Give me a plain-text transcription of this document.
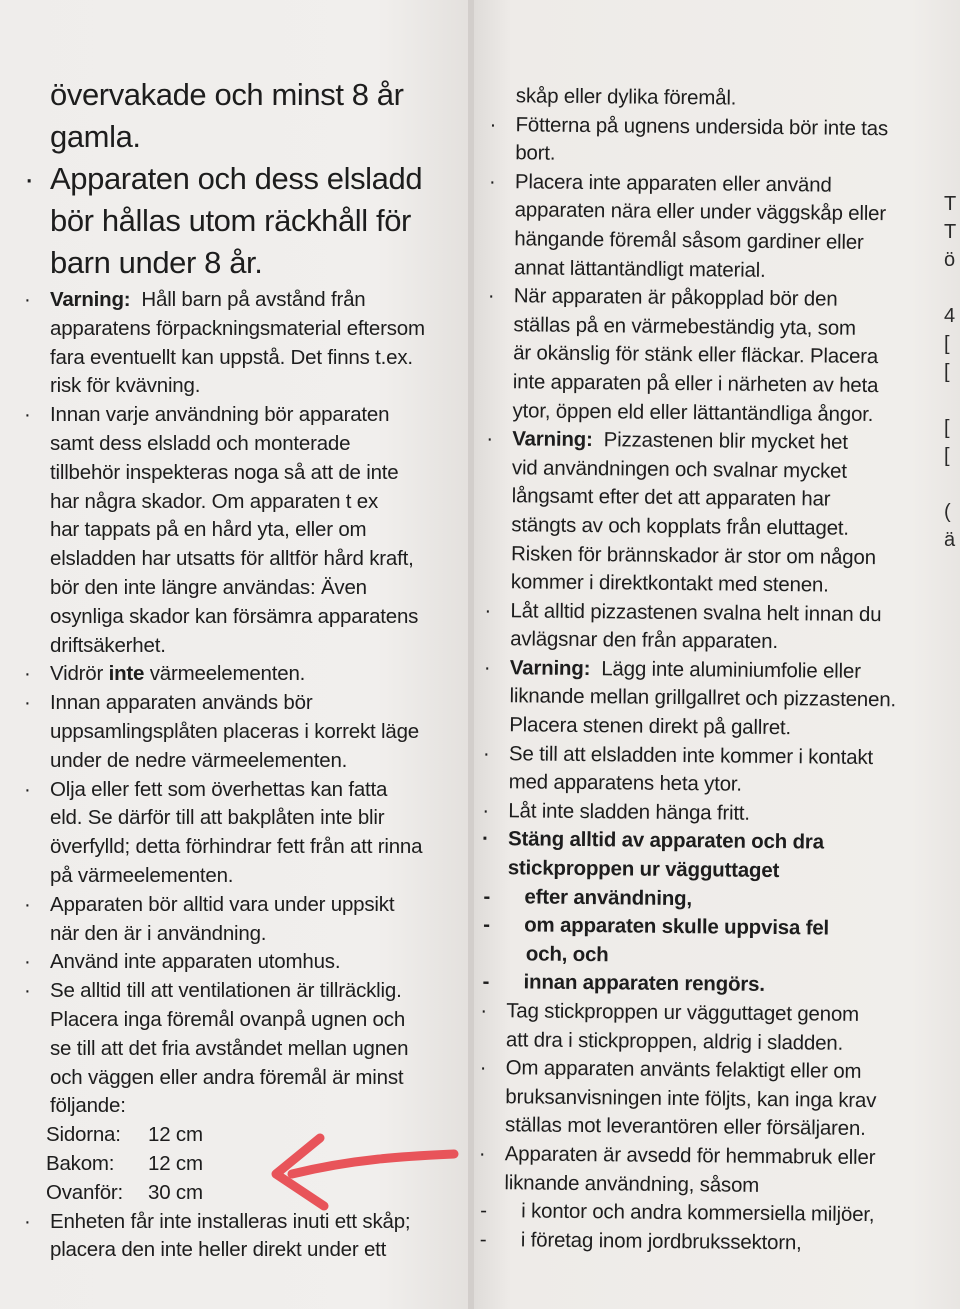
övervakade och minst 8 år

gamla.

· Apparaten och dess elsladd
bör hållas utom räckhåll för
barn under 8 år.

· Varning: Håll barn på avstånd från
apparatens förpackningsmaterial eftersom
fara eventuellt kan uppstå. Det finns t.ex.
risk för kvävning.

· Innan varje användning bör apparaten
samt dess elsladd och monterade
tillbehör inspekteras noga så att de inte
har några skador. Om apparaten t ex
har tappats på en hård yta, eller om
elsladden har utsatts för alltför hård kraft,
bör den inte längre användas: Även
osynliga skador kan försämra apparatens
driftsäkerhet.

· Vidrör inte värmeelementen.

· Innan apparaten används bör
uppsamlingsplåten placeras i korrekt läge
under de nedre värmeelementen.

· Olja eller fett som överhettas kan fatta
eld. Se därför till att bakplåten inte blir
överfylld; detta förhindrar fett från att rinna
på värmeelementen.

· Apparaten bör alltid vara under uppsikt
när den är i användning.

· Använd inte apparaten utomhus.

· Se alltid till att ventilationen är tillräcklig.
Placera inga föremål ovanpå ugnen och
se till att det fria avståndet mellan ugnen
och väggen eller andra föremål är minst
följande:

Sidorna:	12 cm
Bakom:	12 cm
Ovanför:	30 cm

· Enheten får inte installeras inuti ett skåp;
placera den inte heller direkt under ett

skåp eller dylika föremål.

· Fötterna på ugnens undersida bör inte tas
bort.

· Placera inte apparaten eller använd
apparaten nära eller under väggskåp eller
hängande föremål såsom gardiner eller
annat lättantändligt material.

· När apparaten är påkopplad bör den
ställas på en värmebeständig yta, som
är okänslig för stänk eller fläckar. Placera
inte apparaten på eller i närheten av heta
ytor, öppen eld eller lättantändliga ångor.

· Varning: Pizzastenen blir mycket het
vid användningen och svalnar mycket
långsamt efter det att apparaten har
stängts av och kopplats från eluttaget.
Risken för brännskador är stor om någon
kommer i direktkontakt med stenen.

· Låt alltid pizzastenen svalna helt innan du
avlägsnar den från apparaten.

· Varning: Lägg inte aluminiumfolie eller
liknande mellan grillgallret och pizzastenen.
Placera stenen direkt på gallret.

· Se till att elsladden inte kommer i kontakt
med apparatens heta ytor.

· Låt inte sladden hänga fritt.

· Stäng alltid av apparaten och dra
stickproppen ur vägguttaget

- efter användning,

- om apparaten skulle uppvisa fel

och, och

- innan apparaten rengörs.

· Tag stickproppen ur vägguttaget genom
att dra i stickproppen, aldrig i sladden.

· Om apparaten använts felaktigt eller om
bruksanvisningen inte följts, kan inga krav
ställas mot leverantören eller försäljaren.

· Apparaten är avsedd för hemmabruk eller
liknande användning, såsom

- i kontor och andra kommersiella miljöer,

- i företag inom jordbrukssektorn,

T
T
ö
4
[
[
[
[
(
ä
